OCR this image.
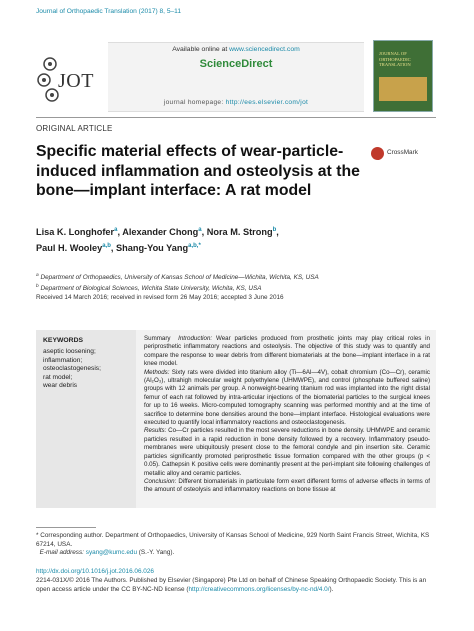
Journal of Orthopaedic Translation (2017) 8, 5–11
JOT
Available online at www.sciencedirect.com
ScienceDirect
journal homepage: http://ees.elsevier.com/jot
JOURNAL OF ORTHOPAEDIC TRANSLATION
ORIGINAL ARTICLE
Specific material effects of wear-particle-induced inflammation and osteolysis at the bone—implant interface: A rat model
CrossMark
Lisa K. Longhofer$^a$, Alexander Chong$^a$, Nora M. Strong$^b$,
Paul H. Wooley$^{a,b}$, Shang-You Yang$^{a,b,*}$
$^a$ Department of Orthopaedics, University of Kansas School of Medicine—Wichita, Wichita, KS, USA
$^b$ Department of Biological Sciences, Wichita State University, Wichita, KS, USA
Received 14 March 2016; received in revised form 26 May 2016; accepted 3 June 2016
KEYWORDS
aseptic loosening;
inflammation;
osteoclastogenesis;
rat model;
wear debris
Summary Introduction: Wear particles produced from prosthetic joints may play critical roles in periprosthetic inflammatory reactions and osteolysis. The objective of this study was to quantify and compare the response to wear debris from different biomaterials at the bone—implant interface in a rat knee model.
Methods: Sixty rats were divided into titanium alloy (Ti—6Al—4V), cobalt chromium (Co—Cr), ceramic (Al₂O₃), ultrahigh molecular weight polyethylene (UHMWPE), and control (phosphate buffered saline) groups with 12 animals per group. A nonweight-bearing titanium rod was implanted into the right distal femur of each rat followed by intra-articular injections of the biomaterial particles to the surgical knees for up to 16 weeks. Micro-computed tomography scanning was performed monthly and at the time of sacrifice to determine bone densities around the bone—implant interface. Histological evaluations were executed to quantify local inflammatory reactions and osteoclastogenesis.
Results: Co—Cr particles resulted in the most severe reductions in bone density. UHMWPE and ceramic particles resulted in a rapid reduction in bone density followed by a recovery. Inflammatory pseudo-membranes were ubiquitously present close to the femoral condyle and pin insertion site. Ceramic particles significantly promoted periprosthetic tissue formation compared with the other groups (p < 0.05). Cathepsin K positive cells were dominantly present at the peri-implant site following challenges of metallic alloy and ceramic particles.
Conclusion: Different biomaterials in particulate form exert different forms of adverse effects in terms of the amount of osteolysis and inflammatory reactions on bone tissue at
* Corresponding author. Department of Orthopaedics, University of Kansas School of Medicine, 929 North Saint Francis Street, Wichita, KS 67214, USA.
E-mail address: syang@kumc.edu (S.-Y. Yang).
http://dx.doi.org/10.1016/j.jot.2016.06.026
2214-031X/© 2016 The Authors. Published by Elsevier (Singapore) Pte Ltd on behalf of Chinese Speaking Orthopaedic Society. This is an open access article under the CC BY-NC-ND license (http://creativecommons.org/licenses/by-nc-nd/4.0/).
